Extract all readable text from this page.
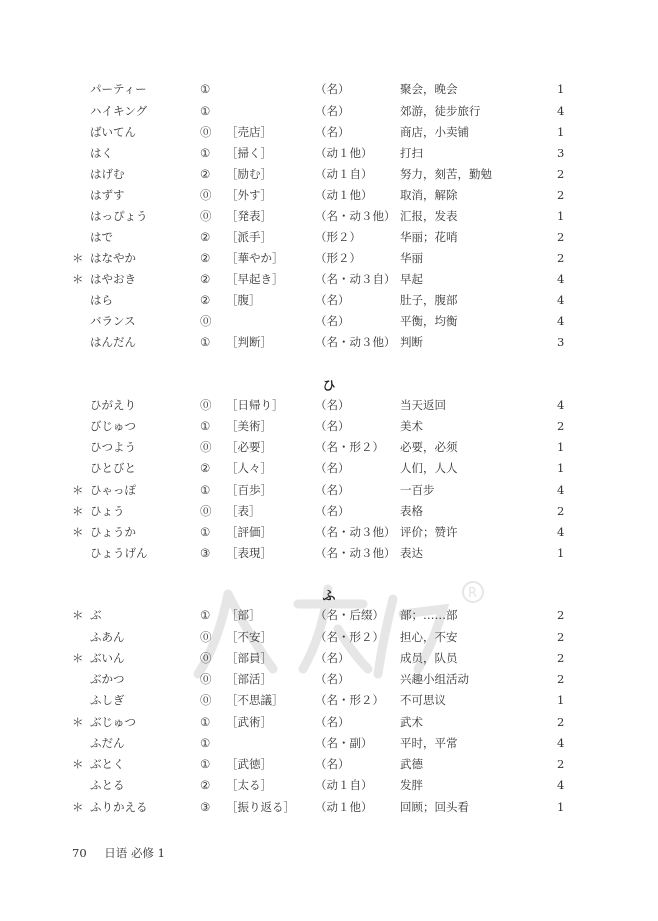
R
パーティー	①	（名）	聚会，晚会	1
ハイキング	①	（名）	郊游，徒步旅行	4
ばいてん	⓪ ［売店］	（名）	商店，小卖铺	1
はく	① ［掃く］	（动１他） 打扫	3
はげむ	② ［励む］	（动１自） 努力，刻苦，勤勉	2
はずす	⓪ ［外す］	（动１他） 取消，解除	2
はっぴょう	⓪ ［発表］	（名・动３他） 汇报，发表	1
はで	② ［派手］	（形２）	华丽；花哨	2
＊ はなやか	② ［華やか］	（形２）	华丽	2
＊ はやおき	② ［早起き］	（名・动３自） 早起	4
はら	② ［腹］	（名）	肚子，腹部	4
バランス	⓪	（名）	平衡，均衡	4
はんだん	① ［判断］	（名・动３他） 判断	3
ひ
ひがえり	⓪ ［日帰り］	（名）	当天返回	4
びじゅつ	① ［美術］	（名）	美术	2
ひつよう	⓪ ［必要］	（名・形２） 必要，必须	1
ひとびと	② ［人々］	（名）	人们，人人	1
＊ ひゃっぽ	① ［百歩］	（名）	一百步	4
＊ ひょう	⓪ ［表］	（名）	表格	2
＊ ひょうか	① ［評価］	（名・动３他） 评价；赞许	4
ひょうげん	③ ［表現］	（名・动３他） 表达	1
ふ
＊ ぶ	① ［部］	（名・后缀） 部；……部	2
ふあん	⓪ ［不安］	（名・形２） 担心，不安	2
＊ ぶいん	⓪ ［部員］	（名）	成员，队员	2
ぶかつ	⓪ ［部活］	（名）	兴趣小组活动	2
ふしぎ	⓪ ［不思議］	（名・形２） 不可思议	1
＊ ぶじゅつ	① ［武術］	（名）	武术	2
ふだん	①	（名・副） 平时，平常	4
＊ ぶとく	① ［武徳］	（名）	武德	2
ふとる	② ［太る］	（动１自） 发胖	4
＊ ふりかえる	③ ［振り返る］ （动１他） 回顾；回头看	1
70 日语 必修 1
